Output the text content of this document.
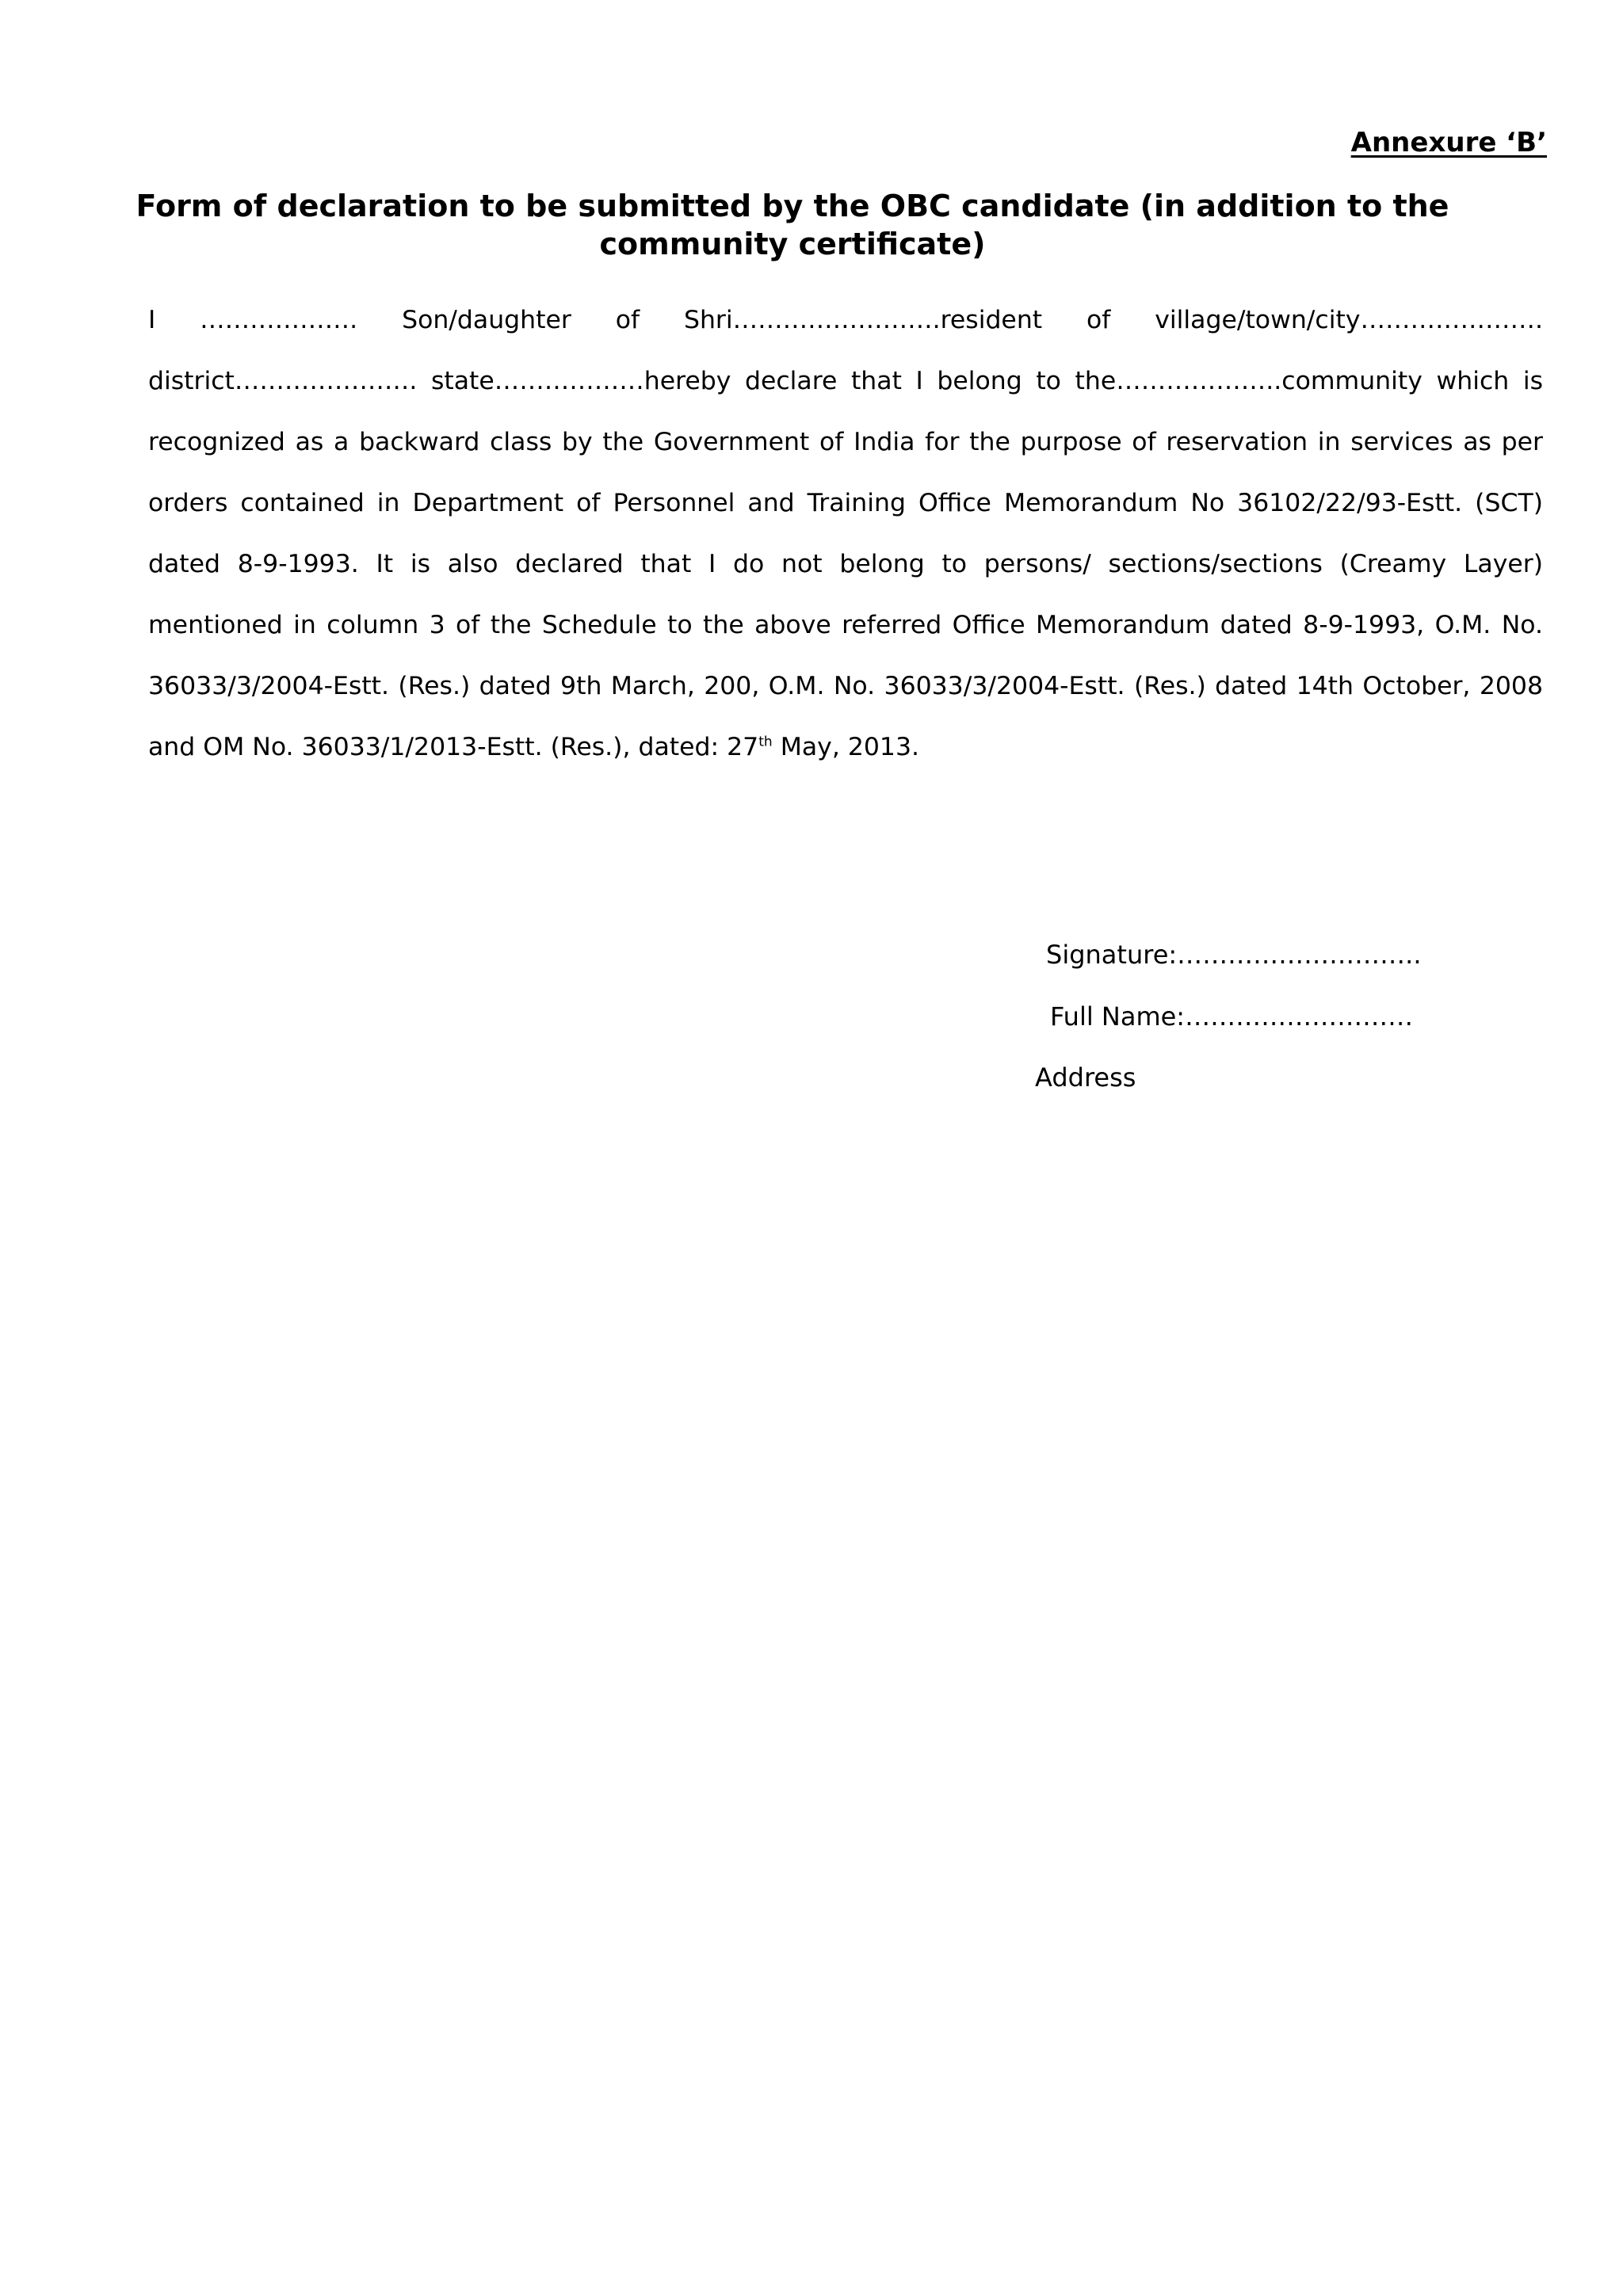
Annexure ‘B’
Form of declaration to be submitted by the OBC candidate (in addition to the community certificate)
I ………………. Son/daughter of Shri…………………….resident of village/town/city…………………. district…………………. state………………hereby declare that I belong to the………………..community which is recognized as a backward class by the Government of India for the purpose of reservation in services as per orders contained in Department of Personnel and Training Office Memorandum No 36102/22/93-Estt. (SCT) dated 8-9-1993. It is also declared that I do not belong to persons/ sections/sections (Creamy Layer) mentioned in column 3 of the Schedule to the above referred Office Memorandum dated 8-9-1993, O.M. No. 36033/3/2004-Estt. (Res.) dated 9th March, 200, O.M. No. 36033/3/2004-Estt. (Res.) dated 14th October, 2008 and OM No. 36033/1/2013-Estt. (Res.), dated: 27th May, 2013.
Signature:………………………..
Full Name:………………………
Address
